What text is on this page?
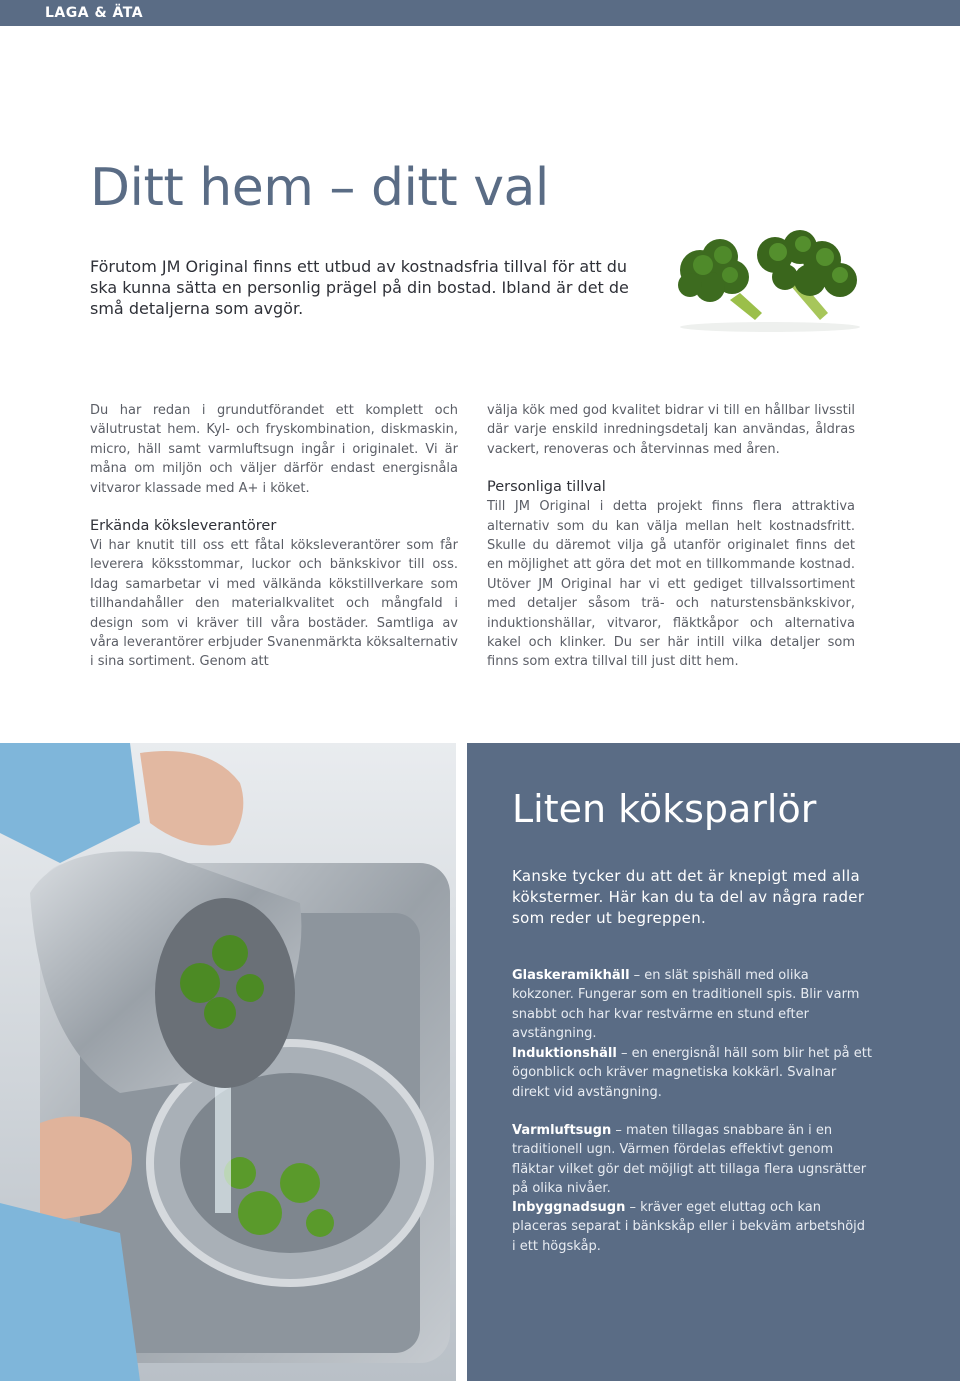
LAGA & ÄTA
Ditt hem – ditt val

Förutom JM Original finns ett utbud av kostnadsfria tillval för att du ska kunna sätta en personlig prägel på din bostad. Ibland är det de små detaljerna som avgör.

Du har redan i grundutförandet ett komplett och välutrustat hem. Kyl- och fryskombination, diskmaskin, micro, häll samt varmluftsugn ingår i originalet. Vi är måna om miljön och väljer därför endast energisnåla vitvaror klassade med A+ i köket.

Erkända köksleverantörer

Vi har knutit till oss ett fåtal köksleverantörer som får leverera köksstommar, luckor och bänkskivor till oss. Idag samarbetar vi med välkända kökstillverkare som tillhandahåller den materialkvalitet och mångfald i design som vi kräver till våra bostäder. Samtliga av våra leverantörer erbjuder Svanenmärkta köksalternativ i sina sortiment. Genom att

välja kök med god kvalitet bidrar vi till en hållbar livsstil där varje enskild inredningsdetalj kan användas, åldras vackert, renoveras och återvinnas med åren.

Personliga tillval

Till JM Original i detta projekt finns flera attraktiva alternativ som du kan välja mellan helt kostnadsfritt. Skulle du däremot vilja gå utanför originalet finns det en möjlighet att göra det mot en tillkommande kostnad. Utöver JM Original har vi ett gediget tillvalssortiment med detaljer såsom trä- och naturstensbänkskivor, induktionshällar, vitvaror, fläktkåpor och alternativa kakel och klinker. Du ser här intill vilka detaljer som finns som extra tillval till just ditt hem.

Liten köksparlör

Kanske tycker du att det är knepigt med alla kökstermer. Här kan du ta del av några rader som reder ut begreppen.

Glaskeramikhäll – en slät spishäll med olika kokzoner. Fungerar som en traditionell spis. Blir varm snabbt och har kvar restvärme en stund efter avstängning.

Induktionshäll – en energisnål häll som blir het på ett ögonblick och kräver magnetiska kokkärl. Svalnar direkt vid avstängning.

Varmluftsugn – maten tillagas snabbare än i en traditionell ugn. Värmen fördelas effektivt genom fläktar vilket gör det möjligt att tillaga flera ugnsrätter på olika nivåer.

Inbyggnadsugn – kräver eget eluttag och kan placeras separat i bänkskåp eller i bekväm arbetshöjd i ett högskåp.
